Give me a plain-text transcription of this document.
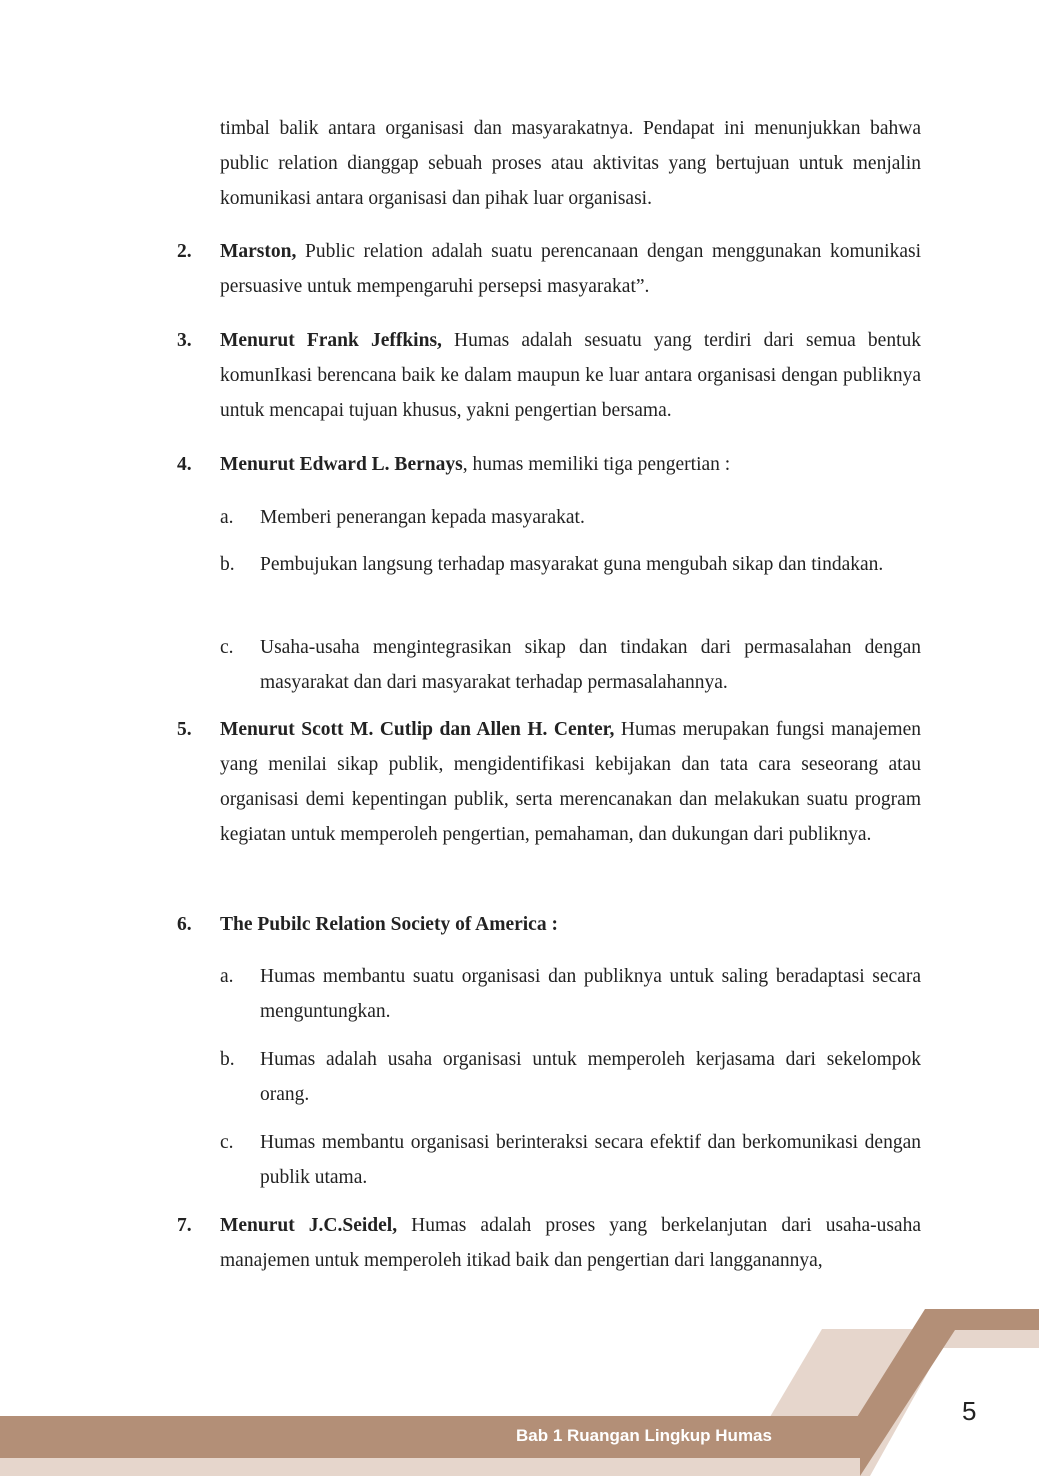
timbal balik antara organisasi dan masyarakatnya. Pendapat ini menunjukkan bahwa public relation dianggap sebuah proses atau aktivitas yang bertujuan untuk menjalin komunikasi antara organisasi dan pihak luar organisasi.

2.	Marston, Public relation adalah suatu perencanaan dengan menggunakan komunikasi persuasive untuk mempengaruhi persepsi masyarakat”.

3.	Menurut Frank Jeffkins, Humas adalah sesuatu yang terdiri dari semua bentuk komunIkasi berencana baik ke dalam maupun ke luar antara organisasi dengan publiknya untuk mencapai tujuan khusus, yakni pengertian bersama.

4.	Menurut Edward L. Bernays, humas memiliki tiga pengertian :

a.	Memberi penerangan kepada masyarakat.

b.	Pembujukan langsung terhadap masyarakat guna mengubah sikap dan tindakan.

c.	Usaha-usaha mengintegrasikan sikap dan tindakan dari permasalahan dengan masyarakat dan dari masyarakat terhadap permasalahannya.

5.	Menurut Scott M. Cutlip dan Allen H. Center, Humas merupakan fungsi manajemen yang menilai sikap publik, mengidentifikasi kebijakan dan tata cara seseorang atau organisasi demi kepentingan publik, serta merencanakan dan melakukan suatu program kegiatan untuk memperoleh pengertian, pemahaman, dan dukungan dari publiknya.

6.	The Pubilc Relation Society of America :

a.	Humas membantu suatu organisasi dan publiknya untuk saling beradaptasi secara menguntungkan.

b.	Humas adalah usaha organisasi untuk memperoleh kerjasama dari sekelompok orang.

c.	Humas membantu organisasi berinteraksi secara efektif dan berkomunikasi dengan publik utama.

7.	Menurut J.C.Seidel, Humas adalah proses yang berkelanjutan dari usaha-usaha manajemen untuk memperoleh itikad baik dan pengertian dari langganannya,

Bab 1 Ruangan Lingkup Humas
5
